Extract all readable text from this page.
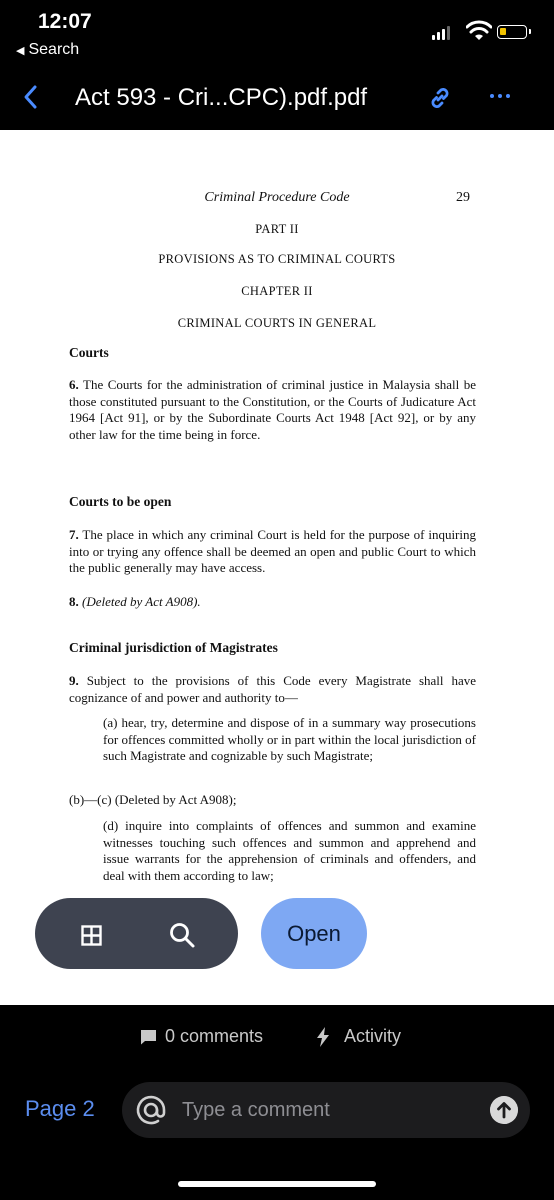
12:07
◀ Search
Act 593 - Cri...CPC).pdf.pdf
Criminal Procedure Code	29
PART II
PROVISIONS AS TO CRIMINAL COURTS
CHAPTER II
CRIMINAL COURTS IN GENERAL
Courts
6. The Courts for the administration of criminal justice in Malaysia shall be those constituted pursuant to the Constitution, or the Courts of Judicature Act 1964 [Act 91], or by the Subordinate Courts Act 1948 [Act 92], or by any other law for the time being in force.
Courts to be open
7. The place in which any criminal Court is held for the purpose of inquiring into or trying any offence shall be deemed an open and public Court to which the public generally may have access.
8. (Deleted by Act A908).
Criminal jurisdiction of Magistrates
9. Subject to the provisions of this Code every Magistrate shall have cognizance of and power and authority to—
(a) hear, try, determine and dispose of in a summary way prosecutions for offences committed wholly or in part within the local jurisdiction of such Magistrate and cognizable by such Magistrate;
(b)—(c) (Deleted by Act A908);
(d) inquire into complaints of offences and summon and examine witnesses touching such offences and summon and apprehend and issue warrants for the apprehension of criminals and offenders, and deal with them according to law;
Open
0 comments	Activity
Page 2
Type a comment
